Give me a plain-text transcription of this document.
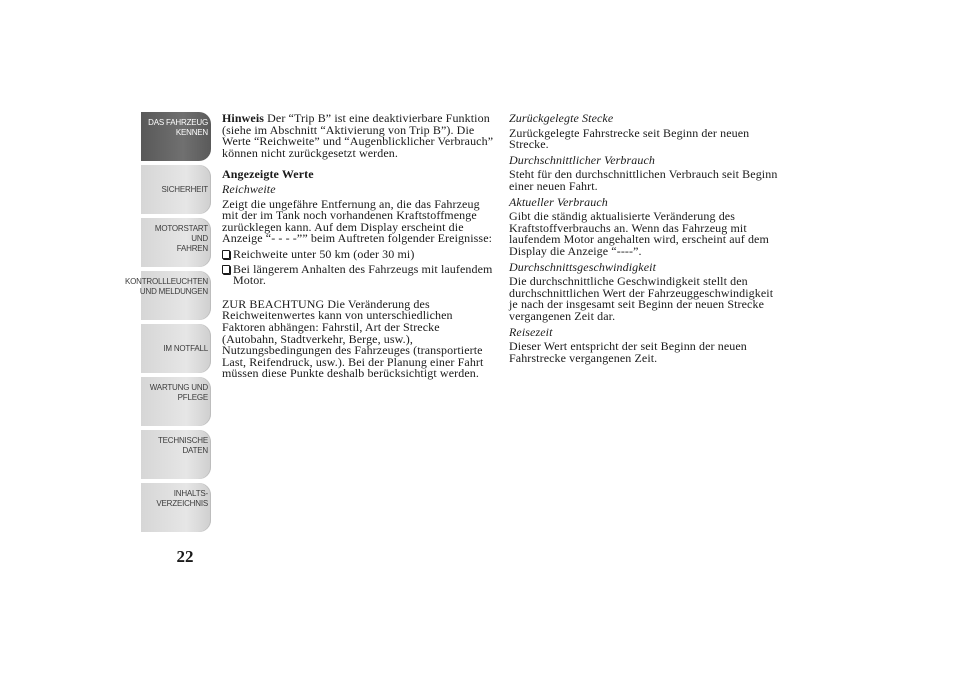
DAS FAHRZEUG
KENNEN
SICHERHEIT
MOTORSTART UND
FAHREN
KONTROLLLEUCHTEN
UND MELDUNGEN
IM NOTFALL
WARTUNG UND
PFLEGE
TECHNISCHE
DATEN
INHALTS-
VERZEICHNIS
22

Hinweis Der “Trip B” ist eine deaktivierbare Funktion (siehe im Abschnitt “Aktivierung von Trip B”). Die Werte “Reichweite” und “Augenblicklicher Verbrauch” können nicht zurückgesetzt werden.

Angezeigte Werte

Reichweite

Zeigt die ungefähre Entfernung an, die das Fahrzeug mit der im Tank noch vorhandenen Kraftstoffmenge zurücklegen kann. Auf dem Display erscheint die Anzeige “- - - -”” beim Auftreten folgender Ereignisse:

Reichweite unter 50 km (oder 30 mi)

Bei längerem Anhalten des Fahrzeugs mit laufendem Motor.

ZUR BEACHTUNG Die Veränderung des Reichweitenwertes kann von unterschiedlichen Faktoren abhängen: Fahrstil, Art der Strecke (Autobahn, Stadtverkehr, Berge, usw.), Nutzungsbedingungen des Fahrzeuges (transportierte Last, Reifendruck, usw.). Bei der Planung einer Fahrt müssen diese Punkte deshalb berücksichtigt werden.

Zurückgelegte Stecke

Zurückgelegte Fahrstrecke seit Beginn der neuen Strecke.

Durchschnittlicher Verbrauch

Steht für den durchschnittlichen Verbrauch seit Beginn einer neuen Fahrt.

Aktueller Verbrauch

Gibt die ständig aktualisierte Veränderung des Kraftstoffverbrauchs an. Wenn das Fahrzeug mit laufendem Motor angehalten wird, erscheint auf dem Display die Anzeige “----”.

Durchschnittsgeschwindigkeit

Die durchschnittliche Geschwindigkeit stellt den durchschnittlichen Wert der Fahrzeuggeschwindigkeit je nach der insgesamt seit Beginn der neuen Strecke vergangenen Zeit dar.

Reisezeit

Dieser Wert entspricht der seit Beginn der neuen Fahrstrecke vergangenen Zeit.
